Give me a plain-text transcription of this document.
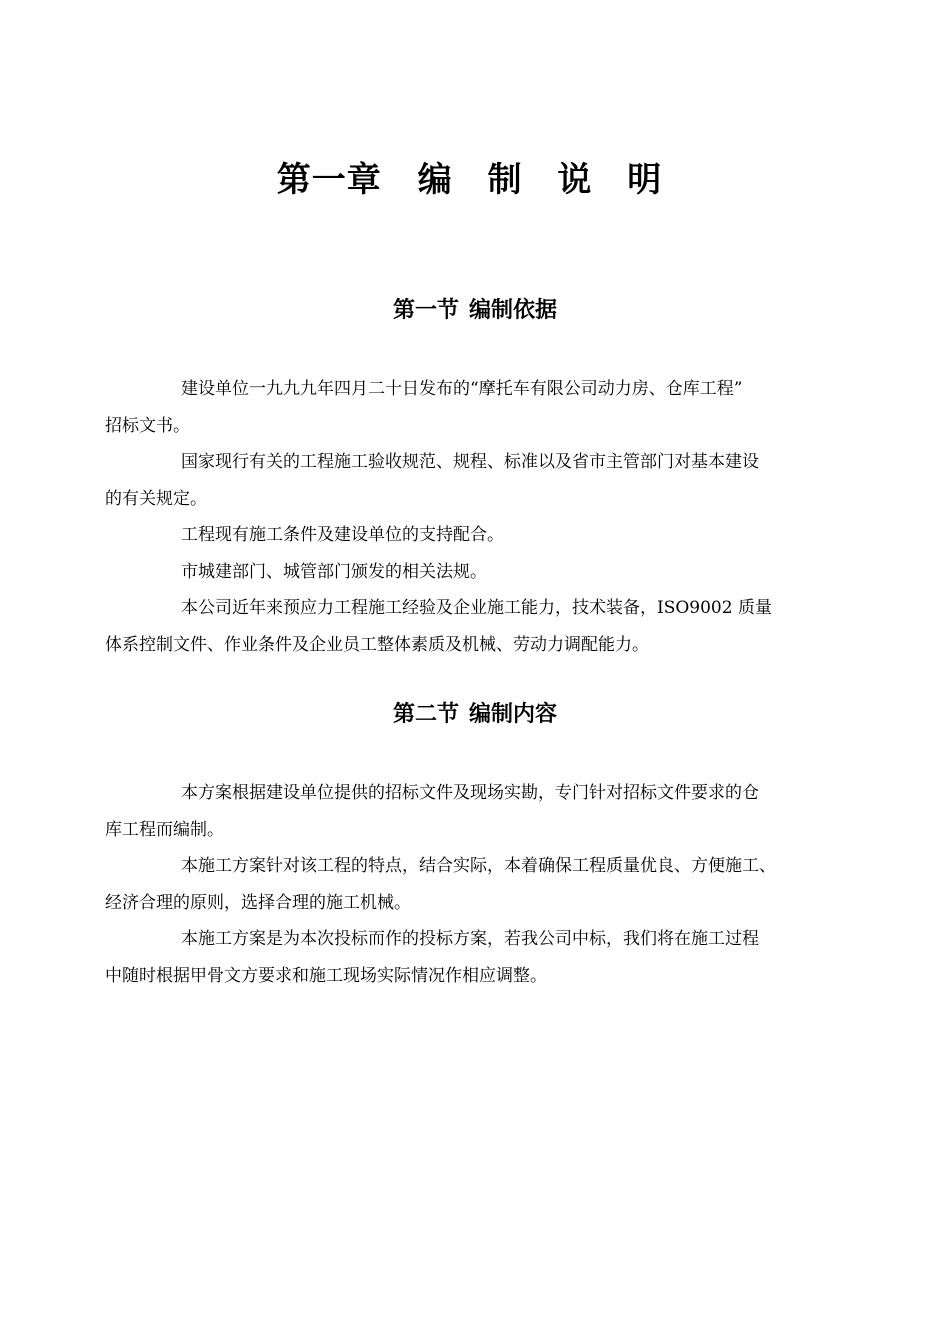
第一章 编 制 说 明
第一节 编制依据

建设单位一九九九年四月二十日发布的“摩托车有限公司动力房、仓库工程”
招标文书。

国家现行有关的工程施工验收规范、规程、标准以及省市主管部门对基本建设
的有关规定。

工程现有施工条件及建设单位的支持配合。

市城建部门、城管部门颁发的相关法规。

本公司近年来预应力工程施工经验及企业施工能力，技术装备，ISO9002 质量
体系控制文件、作业条件及企业员工整体素质及机械、劳动力调配能力。

第二节 编制内容

本方案根据建设单位提供的招标文件及现场实勘，专门针对招标文件要求的仓
库工程而编制。

本施工方案针对该工程的特点，结合实际，本着确保工程质量优良、方便施工、
经济合理的原则，选择合理的施工机械。

本施工方案是为本次投标而作的投标方案，若我公司中标，我们将在施工过程
中随时根据甲骨文方要求和施工现场实际情况作相应调整。
